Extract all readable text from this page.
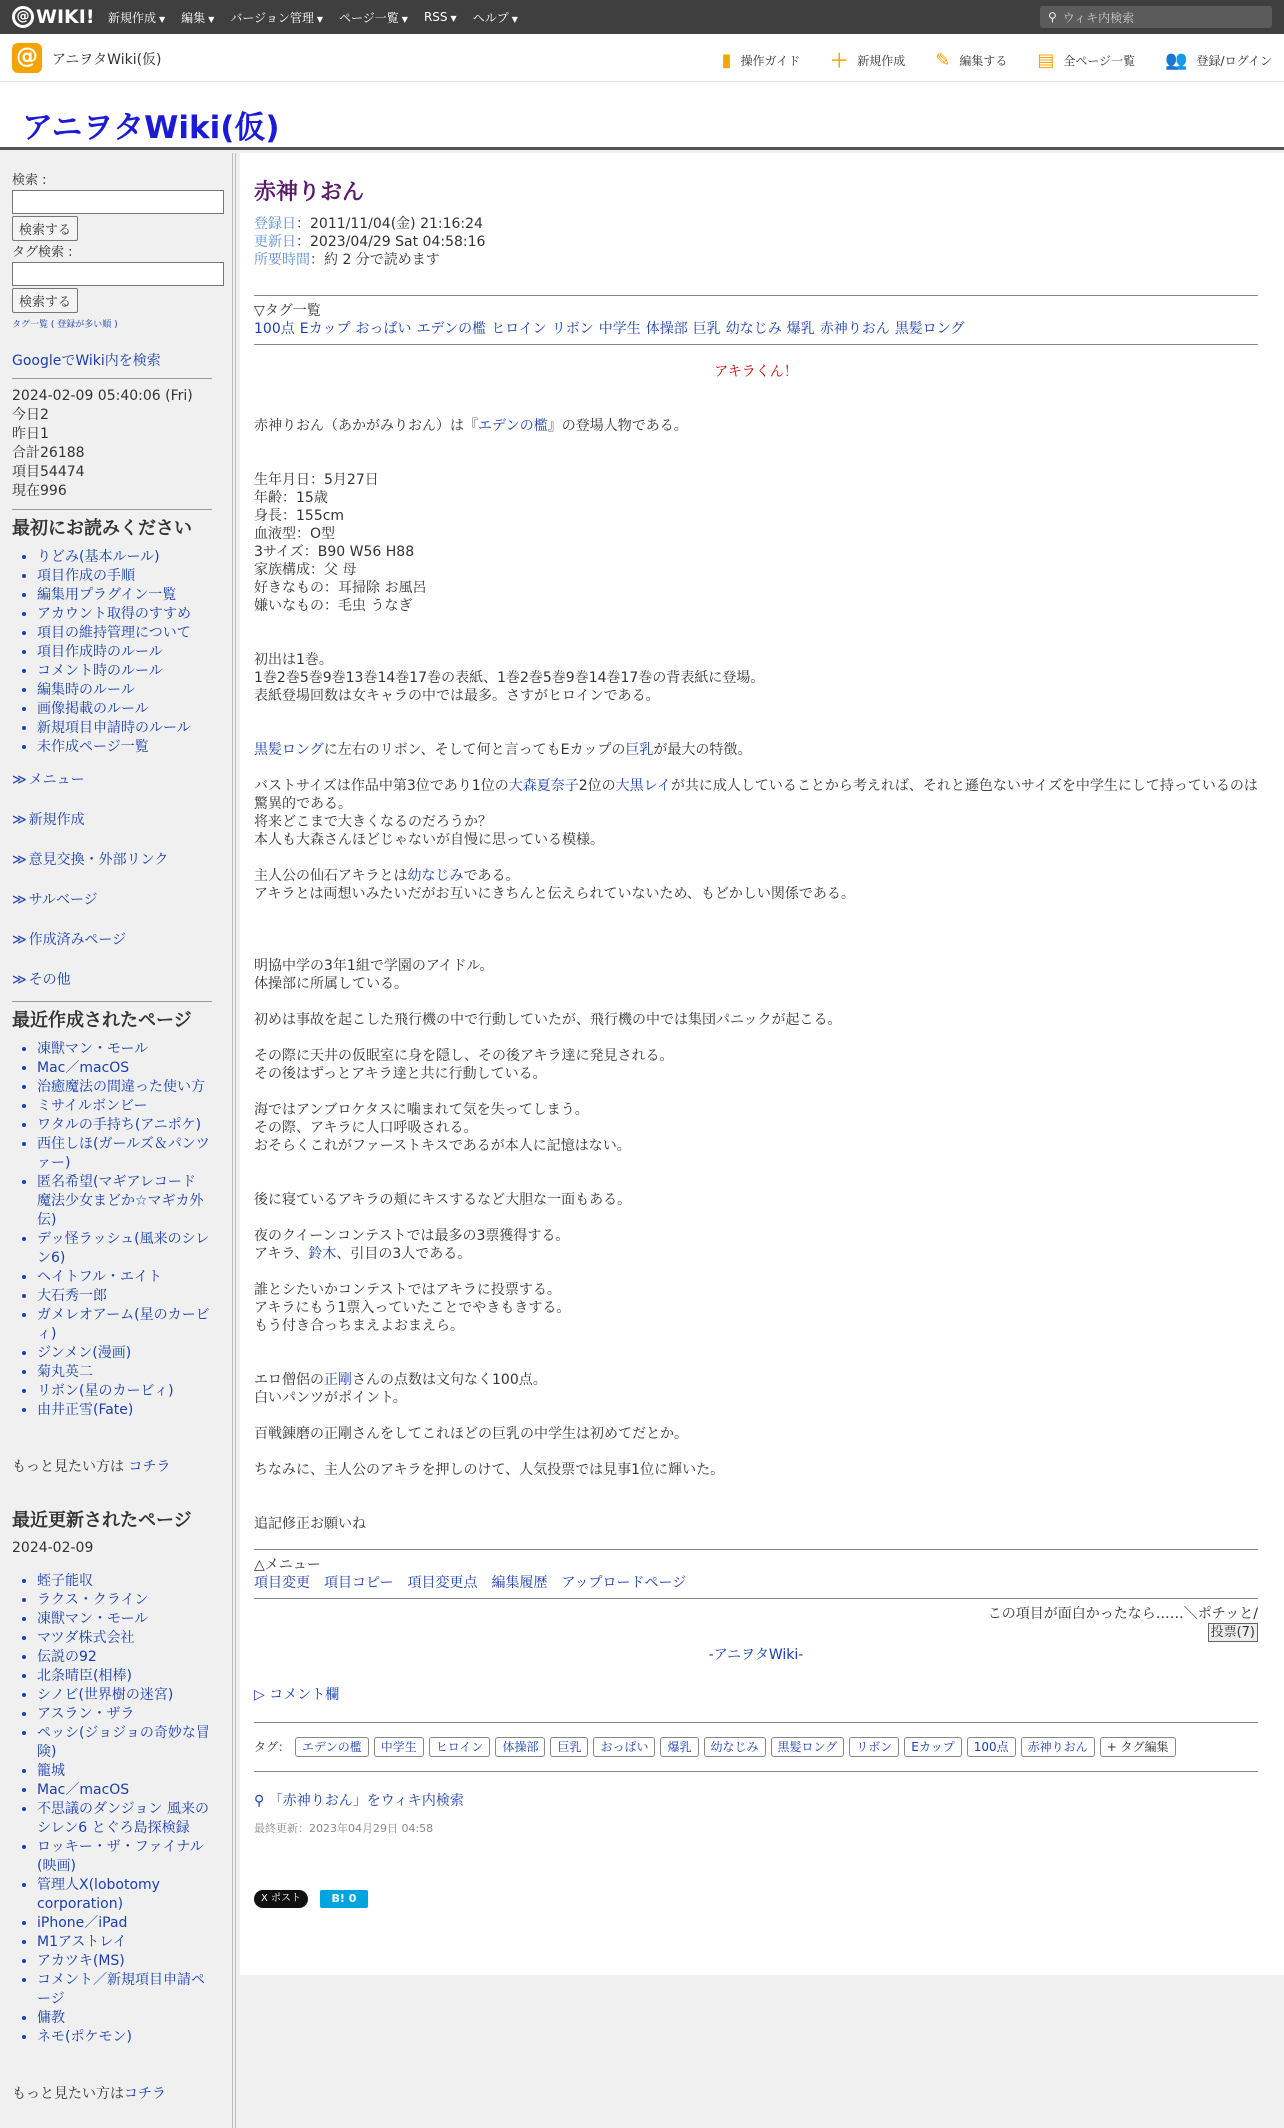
@ WIKI! 新規作成 ▼ 編集 ▼ バージョン管理 ▼ ページ一覧 ▼ RSS ▼ ヘルプ ▼	⚲ ウィキ内検索
@ アニヲタWiki(仮)	▮ 操作ガイド ＋ 新規作成 ✎ 編集する ▤ 全ページ一覧 👥 登録/ログイン
アニヲタWiki(仮)
検索 :
検索する
タグ検索 :
検索する
タグ一覧 ( 登録が多い順 )
GoogleでWiki内を検索
2024-02-09 05:40:06 (Fri)
今日2
昨日1
合計26188
項目54474
現在996
最初にお読みください
• りどみ(基本ルール)
• 項目作成の手順
• 編集用プラグイン一覧
• アカウント取得のすすめ
• 項目の維持管理について
• 項目作成時のルール
• コメント時のルール
• 編集時のルール
• 画像掲載のルール
• 新規項目申請時のルール
• 未作成ページ一覧
≫ メニュー
≫ 新規作成
≫ 意見交換・外部リンク
≫ サルベージ
≫ 作成済みページ
≫ その他
最近作成されたページ
• 凍獣マン・モール
• Mac／macOS
• 治癒魔法の間違った使い方
• ミサイルボンビー
• ワタルの手持ち(アニポケ)
• 西住しほ(ガールズ＆パンツァー)
• 匿名希望(マギアレコード 魔法少女まどか☆マギカ外伝)
• デッ怪ラッシュ(風来のシレン6)
• ヘイトフル・エイト
• 大石秀一郎
• ガメレオアーム(星のカービィ)
• ジンメン(漫画)
• 菊丸英二
• リボン(星のカービィ)
• 由井正雪(Fate)
もっと見たい方は コチラ
最近更新されたページ
2024-02-09
• 蛭子能収
• ラクス・クライン
• 凍獣マン・モール
• マツダ株式会社
• 伝説の92
• 北条晴臣(相棒)
• シノビ(世界樹の迷宮)
• アスラン・ザラ
• ペッシ(ジョジョの奇妙な冒険)
• 籠城
• Mac／macOS
• 不思議のダンジョン 風来のシレン6 とぐろ島探検録
• ロッキー・ザ・ファイナル(映画)
• 管理人X(lobotomy corporation)
• iPhone／iPad
• M1アストレイ
• アカツキ(MS)
• コメント／新規項目申請ページ
• 傭教
• ネモ(ポケモン)
もっと見たい方はコチラ
赤神りおん
登録日：2011/11/04(金) 21:16:24
更新日：2023/04/29 Sat 04:58:16
所要時間：約 2 分で読めます
▽タグ一覧
100点 Eカップ おっぱい エデンの檻 ヒロイン リボン 中学生 体操部 巨乳 幼なじみ 爆乳 赤神りおん 黒髪ロング

アキラくん！

赤神りおん（あかがみりおん）は『エデンの檻』の登場人物である。

生年月日：5月27日
年齢：15歳
身長：155cm
血液型：O型
3サイズ：B90 W56 H88
家族構成：父 母
好きなもの：耳掃除 お風呂
嫌いなもの：毛虫 うなぎ
初出は1巻。
1巻2巻5巻9巻13巻14巻17巻の表紙、1巻2巻5巻9巻14巻17巻の背表紙に登場。
表紙登場回数は女キャラの中では最多。さすがヒロインである。

黒髪ロングに左右のリボン、そして何と言ってもEカップの巨乳が最大の特徴。

バストサイズは作品中第3位であり1位の大森夏奈子2位の大黒レイが共に成人していることから考えれば、それと遜色ないサイズを中学生にして持っているのは驚異的である。

将来どこまで大きくなるのだろうか？
本人も大森さんほどじゃないが自慢に思っている模様。

主人公の仙石アキラとは幼なじみである。

アキラとは両想いみたいだがお互いにきちんと伝えられていないため、もどかしい関係である。

明協中学の3年1組で学園のアイドル。
体操部に所属している。

初めは事故を起こした飛行機の中で行動していたが、飛行機の中では集団パニックが起こる。

その際に天井の仮眠室に身を隠し、その後アキラ達に発見される。
その後はずっとアキラ達と共に行動している。
海ではアンブロケタスに噛まれて気を失ってしまう。
その際、アキラに人口呼吸される。
おそらくこれがファーストキスであるが本人に記憶はない。

後に寝ているアキラの頬にキスするなど大胆な一面もある。

夜のクイーンコンテストでは最多の3票獲得する。

アキラ、鈴木、引目の3人である。

誰とシたいかコンテストではアキラに投票する。
アキラにもう1票入っていたことでやきもきする。
もう付き合っちまえよおまえら。

エロ僧侶の正剛さんの点数は文句なく100点。

白いパンツがポイント。

百戦錬磨の正剛さんをしてこれほどの巨乳の中学生は初めてだとか。

ちなみに、主人公のアキラを押しのけて、人気投票では見事1位に輝いた。

追記修正お願いね

△メニュー
項目変更 項目コピー 項目変更点 編集履歴 アップロードページ
この項目が面白かったなら……＼ポチッと/
投票(7)
-アニヲタWiki-
▷ コメント欄
タグ：	エデンの檻	中学生	ヒロイン	体操部	巨乳	おっぱい	爆乳	幼なじみ	黒髪ロング	リボン	Eカップ	100点	赤神りおん	+ タグ編集
⚲ 「赤神りおん」をウィキ内検索
最終更新：2023年04月29日 04:58
X ポスト	B! 0
